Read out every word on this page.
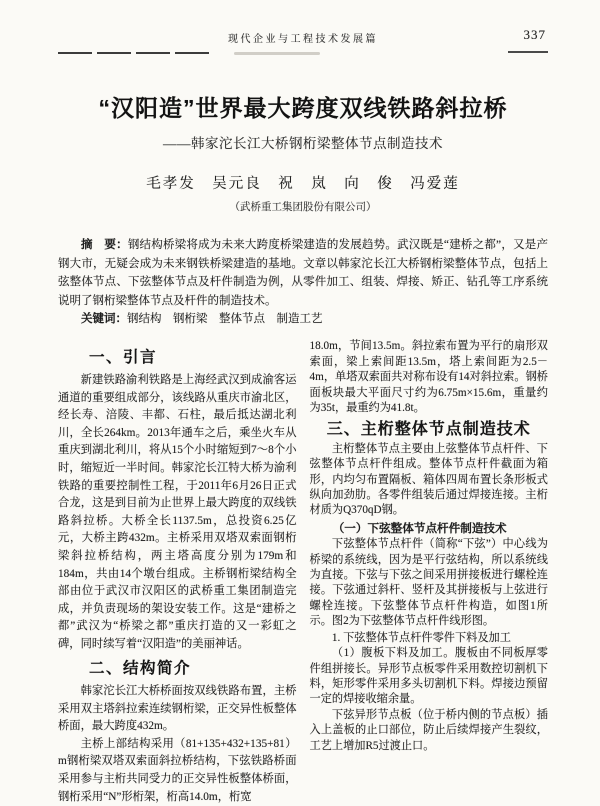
现代企业与工程技术发展篇	337
“汉阳造”世界最大跨度双线铁路斜拉桥
——韩家沱长江大桥钢桁梁整体节点制造技术
毛孝发　吴元良　祝　岚　向　俊　冯爱莲
（武桥重工集团股份有限公司）

摘　要：钢结构桥梁将成为未来大跨度桥梁建造的发展趋势。武汉既是“建桥之都”，又是产钢大市，无疑会成为未来钢铁桥梁建造的基地。文章以韩家沱长江大桥钢桁梁整体节点，包括上弦整体节点、下弦整体节点及杆件制造为例，从零件加工、组装、焊接、矫正、钻孔等工序系统说明了钢桁梁整体节点及杆件的制造技术。

关键词：钢结构　钢桁梁　整体节点　制造工艺

一、引言

新建铁路渝利铁路是上海经武汉到成渝客运通道的重要组成部分，该线路从重庆市渝北区，经长寿、涪陵、丰都、石柱，最后抵达湖北利川，全长264km。2013年通车之后，乘坐火车从重庆到湖北利川，将从15个小时缩短到7～8个小时，缩短近一半时间。韩家沱长江特大桥为渝利铁路的重要控制性工程，于2011年6月26日正式合龙，这是到目前为止世界上最大跨度的双线铁路斜拉桥。大桥全长1137.5m，总投资6.25亿元，大桥主跨432m。主桥采用双塔双索面钢桁梁斜拉桥结构，两主塔高度分别为179m和184m，共由14个墩台组成。主桥钢桁梁结构全部由位于武汉市汉阳区的武桥重工集团制造完成，并负责现场的架设安装工作。这是“建桥之都”武汉为“桥梁之都”重庆打造的又一彩虹之碑，同时续写着“汉阳造”的美丽神话。

二、结构简介

韩家沱长江大桥桥面按双线铁路布置，主桥采用双主塔斜拉索连续钢桁梁，正交异性板整体桥面，最大跨度432m。

主桥上部结构采用（81+135+432+135+81）m钢桁梁双塔双索面斜拉桥结构，下弦铁路桥面采用参与主桁共同受力的正交异性板整体桥面，钢桁采用“N”形桁架，桁高14.0m，桁宽

18.0m，节间13.5m。斜拉索布置为平行的扇形双索面，梁上索间距13.5m，塔上索间距为2.5－4m，单塔双索面共对称布设有14对斜拉索。钢桥面板块最大平面尺寸约为6.75m×15.6m，重量约为35t，最重约为41.8t。

三、主桁整体节点制造技术

主桁整体节点主要由上弦整体节点杆件、下弦整体节点杆件组成。整体节点杆件截面为箱形，内均匀布置隔板、箱体四周布置长条形板式纵向加劲肋。各零件组装后通过焊接连接。主桁材质为Q370qD钢。

（一）下弦整体节点杆件制造技术

下弦整体节点杆件（简称“下弦”）中心线为桥梁的系统线，因为是平行弦结构，所以系统线为直接。下弦与下弦之间采用拼接板进行螺栓连接。下弦通过斜杆、竖杆及其拼接板与上弦进行螺栓连接。下弦整体节点杆件构造，如图1所示。图2为下弦整体节点杆件线形图。

1. 下弦整体节点杆件零件下料及加工

（1）腹板下料及加工。腹板由不同板厚零件组拼接长。异形节点板零件采用数控切割机下料，矩形零件采用多头切割机下料。焊接边预留一定的焊接收缩余量。

下弦异形节点板（位于桥内侧的节点板）插入上盖板的止口部位，防止后续焊接产生裂纹，工艺上增加R5过渡止口。
